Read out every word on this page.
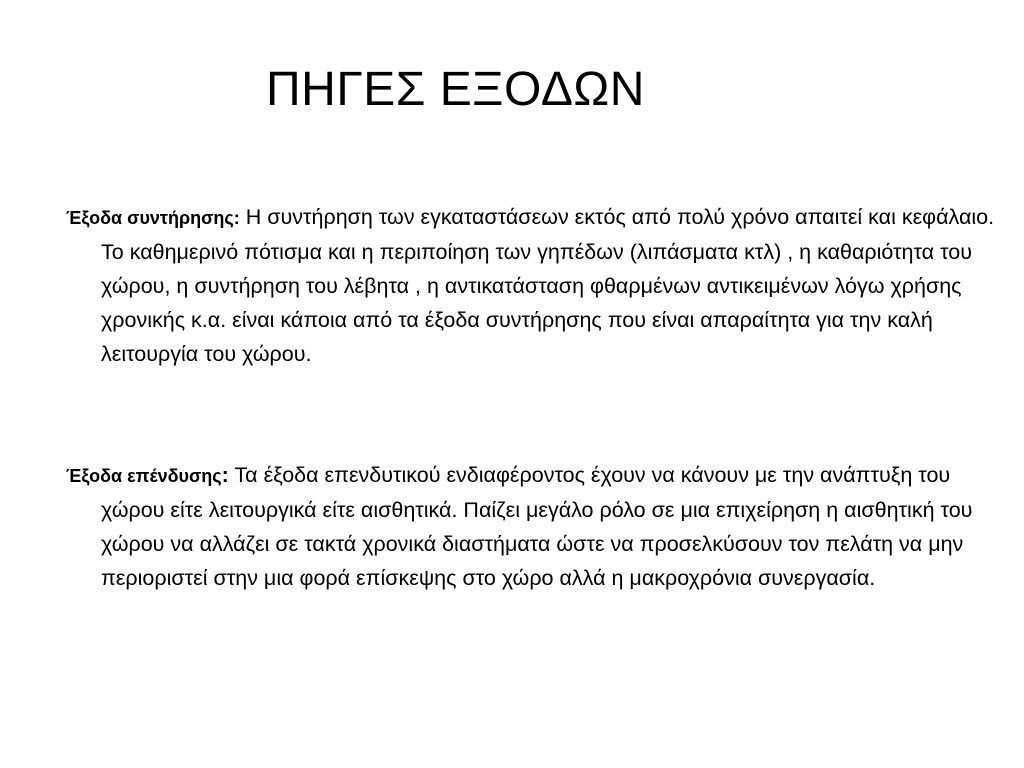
ΠΗΓΕΣ ΕΞΟΔΩΝ

Έξοδα συντήρησης: Η συντήρηση των εγκαταστάσεων εκτός από πολύ χρόνο απαιτεί και κεφάλαιο. Το καθημερινό πότισμα και η περιποίηση των γηπέδων (λιπάσματα κτλ) , η καθαριότητα του χώρου, η συντήρηση του λέβητα , η αντικατάσταση φθαρμένων αντικειμένων λόγω χρήσης χρονικής κ.α. είναι κάποια από τα έξοδα συντήρησης που είναι απαραίτητα για την καλή λειτουργία του χώρου.

Έξοδα επένδυσης: Τα έξοδα επενδυτικού ενδιαφέροντος έχουν να κάνουν με την ανάπτυξη του χώρου είτε λειτουργικά είτε αισθητικά. Παίζει μεγάλο ρόλο σε μια επιχείρηση η αισθητική του χώρου να αλλάζει σε τακτά χρονικά διαστήματα ώστε να προσελκύσουν τον πελάτη να μην περιοριστεί στην μια φορά επίσκεψης στο χώρο αλλά η μακροχρόνια συνεργασία.
